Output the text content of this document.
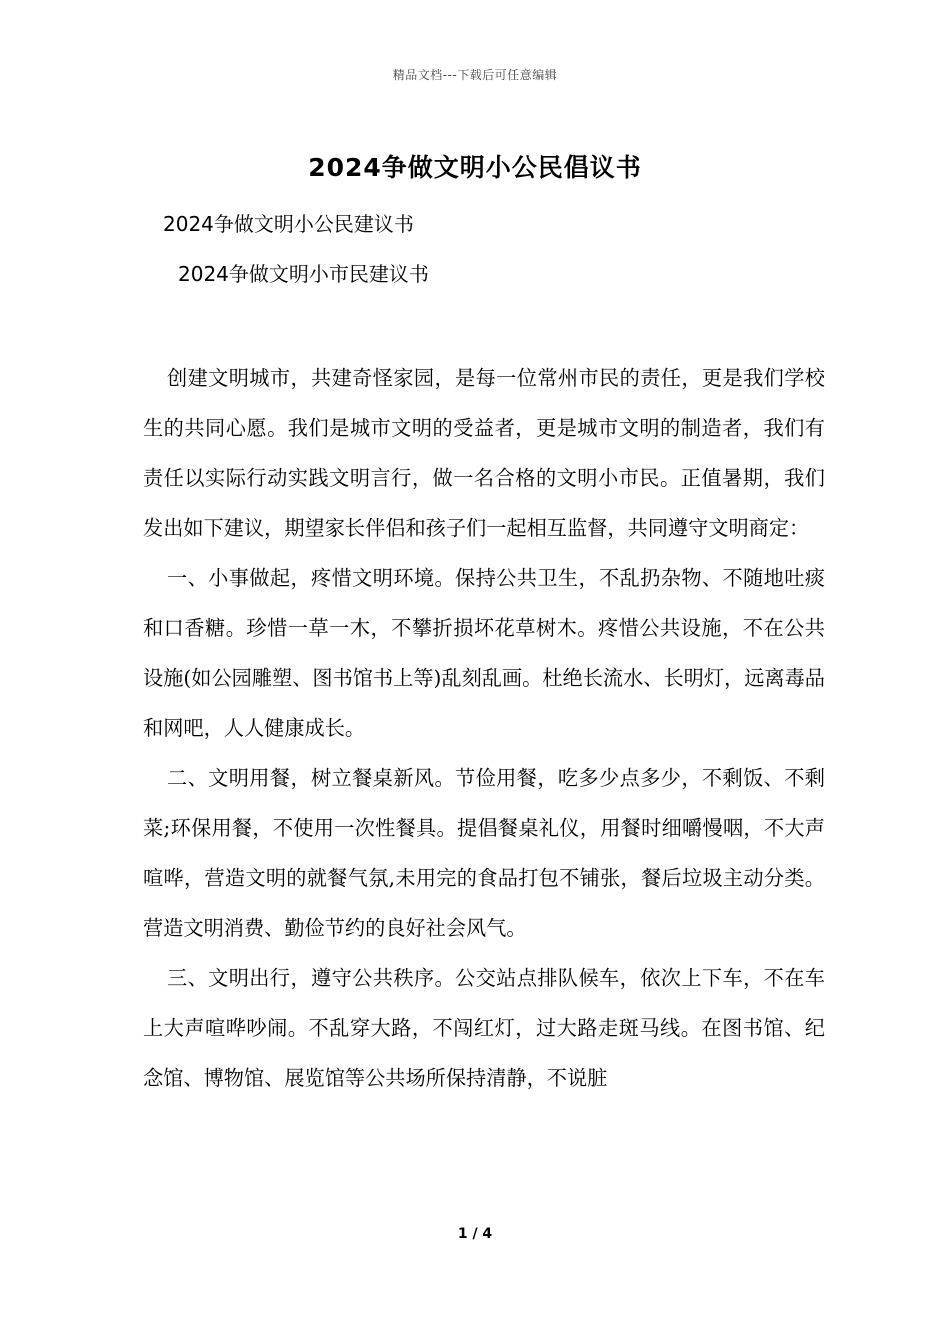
精品文档---下载后可任意编辑
2024争做文明小公民倡议书
2024争做文明小公民建议书
2024争做文明小市民建议书

创建文明城市，共建奇怪家园，是每一位常州市民的责任，更是我们学校生的共同心愿。我们是城市文明的受益者，更是城市文明的制造者，我们有责任以实际行动实践文明言行，做一名合格的文明小市民。正值暑期，我们发出如下建议，期望家长伴侣和孩子们一起相互监督，共同遵守文明商定：

一、小事做起，疼惜文明环境。保持公共卫生，不乱扔杂物、不随地吐痰和口香糖。珍惜一草一木，不攀折损坏花草树木。疼惜公共设施，不在公共设施(如公园雕塑、图书馆书上等)乱刻乱画。杜绝长流水、长明灯，远离毒品和网吧，人人健康成长。

二、文明用餐，树立餐桌新风。节俭用餐，吃多少点多少，不剩饭、不剩菜;环保用餐，不使用一次性餐具。提倡餐桌礼仪，用餐时细嚼慢咽，不大声喧哗，营造文明的就餐气氛,未用完的食品打包不铺张，餐后垃圾主动分类。营造文明消费、勤俭节约的良好社会风气。

三、文明出行，遵守公共秩序。公交站点排队候车，依次上下车，不在车上大声喧哗吵闹。不乱穿大路，不闯红灯，过大路走斑马线。在图书馆、纪念馆、博物馆、展览馆等公共场所保持清静，不说脏

1 / 4
